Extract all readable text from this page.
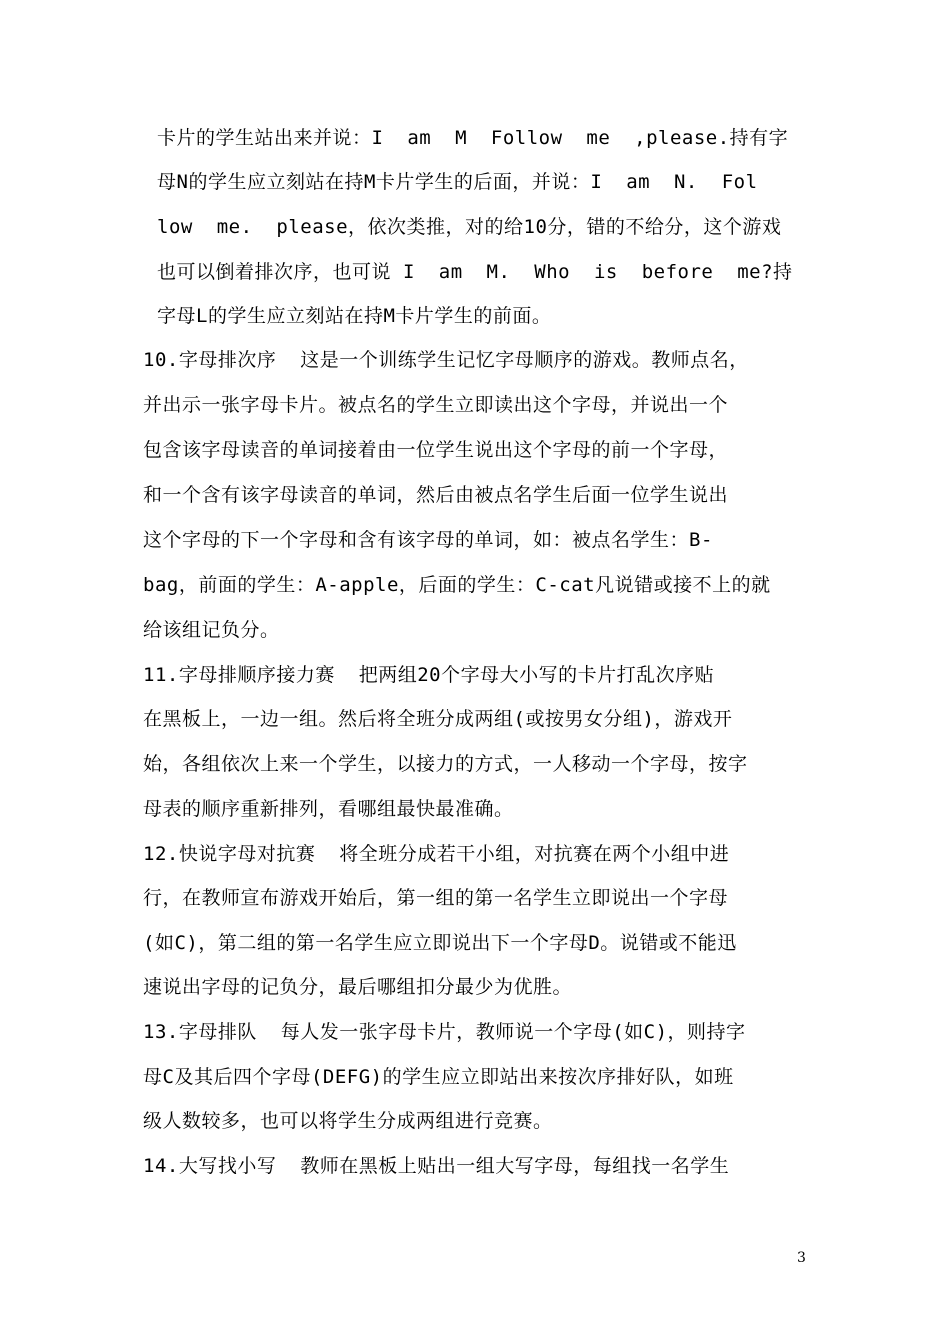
卡片的学生站出来并说：I  am  M  Follow  me  ,please.持有字
母N的学生应立刻站在持M卡片学生的后面，并说：I  am  N.  Fol
low  me.  please，依次类推，对的给10分，错的不给分，这个游戏
也可以倒着排次序，也可说 I  am  M.  Who  is  before  me?持
字母L的学生应立刻站在持M卡片学生的前面。
10.字母排次序  这是一个训练学生记忆字母顺序的游戏。教师点名，
并出示一张字母卡片。被点名的学生立即读出这个字母，并说出一个
包含该字母读音的单词接着由一位学生说出这个字母的前一个字母，
和一个含有该字母读音的单词，然后由被点名学生后面一位学生说出
这个字母的下一个字母和含有该字母的单词，如：被点名学生：B-
bag，前面的学生：A-apple，后面的学生：C-cat凡说错或接不上的就
给该组记负分。
11.字母排顺序接力赛  把两组20个字母大小写的卡片打乱次序贴
在黑板上，一边一组。然后将全班分成两组(或按男女分组)，游戏开
始，各组依次上来一个学生，以接力的方式，一人移动一个字母，按字
母表的顺序重新排列，看哪组最快最准确。
12.快说字母对抗赛  将全班分成若干小组，对抗赛在两个小组中进
行，在教师宣布游戏开始后，第一组的第一名学生立即说出一个字母
(如C)，第二组的第一名学生应立即说出下一个字母D。说错或不能迅
速说出字母的记负分，最后哪组扣分最少为优胜。
13.字母排队  每人发一张字母卡片，教师说一个字母(如C)，则持字
母C及其后四个字母(DEFG)的学生应立即站出来按次序排好队，如班
级人数较多，也可以将学生分成两组进行竞赛。
14.大写找小写  教师在黑板上贴出一组大写字母，每组找一名学生
3
